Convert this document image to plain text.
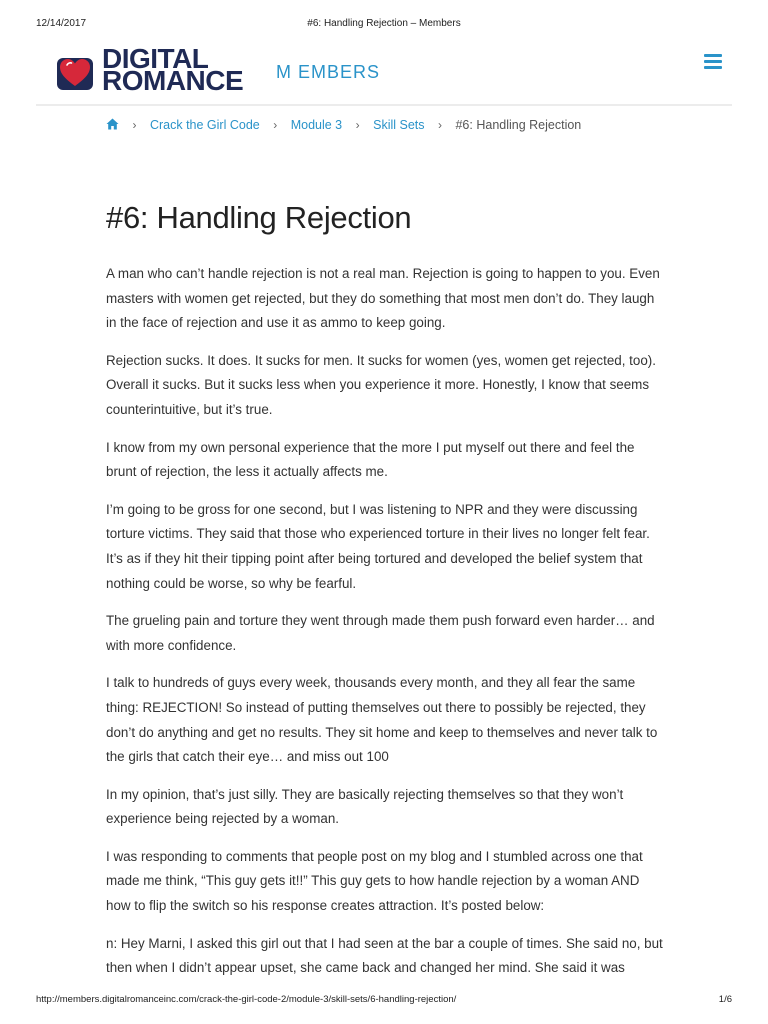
12/14/2017	#6: Handling Rejection – Members
DIGITAL
ROMANCE M EMBERS
› Crack the Girl Code › Module 3 › Skill Sets › #6: Handling Rejection
#6: Handling Rejection

A man who can’t handle rejection is not a real man. Rejection is going to happen to you. Even masters with women get rejected, but they do something that most men don’t do. They laugh in the face of rejection and use it as ammo to keep going.

Rejection sucks. It does. It sucks for men. It sucks for women (yes, women get rejected, too). Overall it sucks. But it sucks less when you experience it more. Honestly, I know that seems counterintuitive, but it’s true.

I know from my own personal experience that the more I put myself out there and feel the brunt of rejection, the less it actually affects me.

I’m going to be gross for one second, but I was listening to NPR and they were discussing torture victims. They said that those who experienced torture in their lives no longer felt fear. It’s as if they hit their tipping point after being tortured and developed the belief system that nothing could be worse, so why be fearful.

The grueling pain and torture they went through made them push forward even harder… and with more confidence.

I talk to hundreds of guys every week, thousands every month, and they all fear the same thing: REJECTION! So instead of putting themselves out there to possibly be rejected, they don’t do anything and get no results. They sit home and keep to themselves and never talk to the girls that catch their eye… and miss out 100

In my opinion, that’s just silly. They are basically rejecting themselves so that they won’t experience being rejected by a woman.

I was responding to comments that people post on my blog and I stumbled across one that made me think, “This guy gets it!!” This guy gets to how handle rejection by a woman AND how to flip the switch so his response creates attraction. It’s posted below:

n: Hey Marni, I asked this girl out that I had seen at the bar a couple of times. She said no, but then when I didn’t appear upset, she came back and changed her mind. She said it was

http://members.digitalromanceinc.com/crack-the-girl-code-2/module-3/skill-sets/6-handling-rejection/	1/6
